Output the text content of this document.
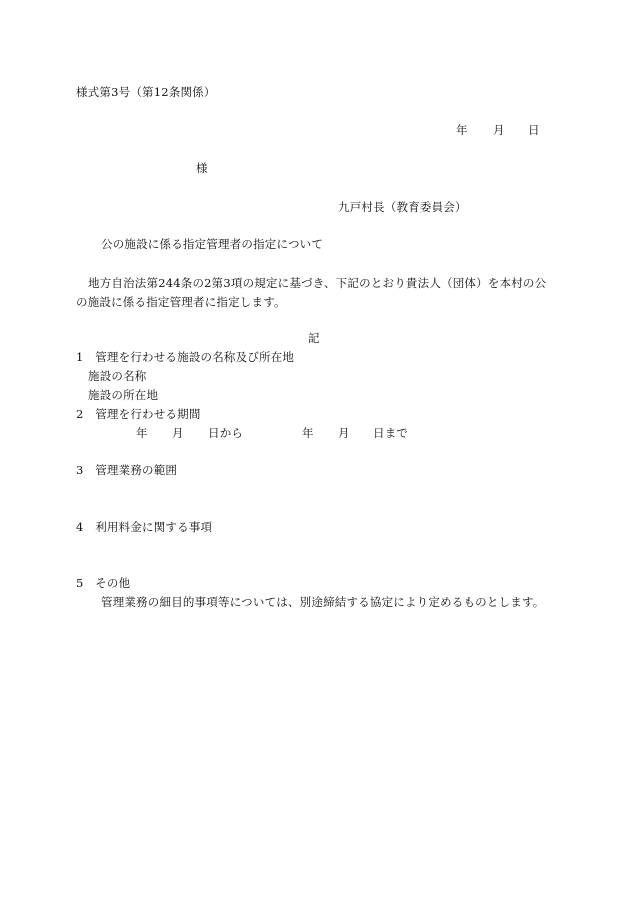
様式第3号（第12条関係）
年 月 日
様
九戸村長（教育委員会）
公の施設に係る指定管理者の指定について
地方自治法第244条の2第3項の規定に基づき、下記のとおり貴法人（団体）を本村の公の施設に係る指定管理者に指定します。
記
1　管理を行わせる施設の名称及び所在地
施設の名称
施設の所在地
2　管理を行わせる期間
年 月 日から	年 月 日まで
3　管理業務の範囲
4　利用料金に関する事項
5　その他
管理業務の細目的事項等については、別途締結する協定により定めるものとします。
